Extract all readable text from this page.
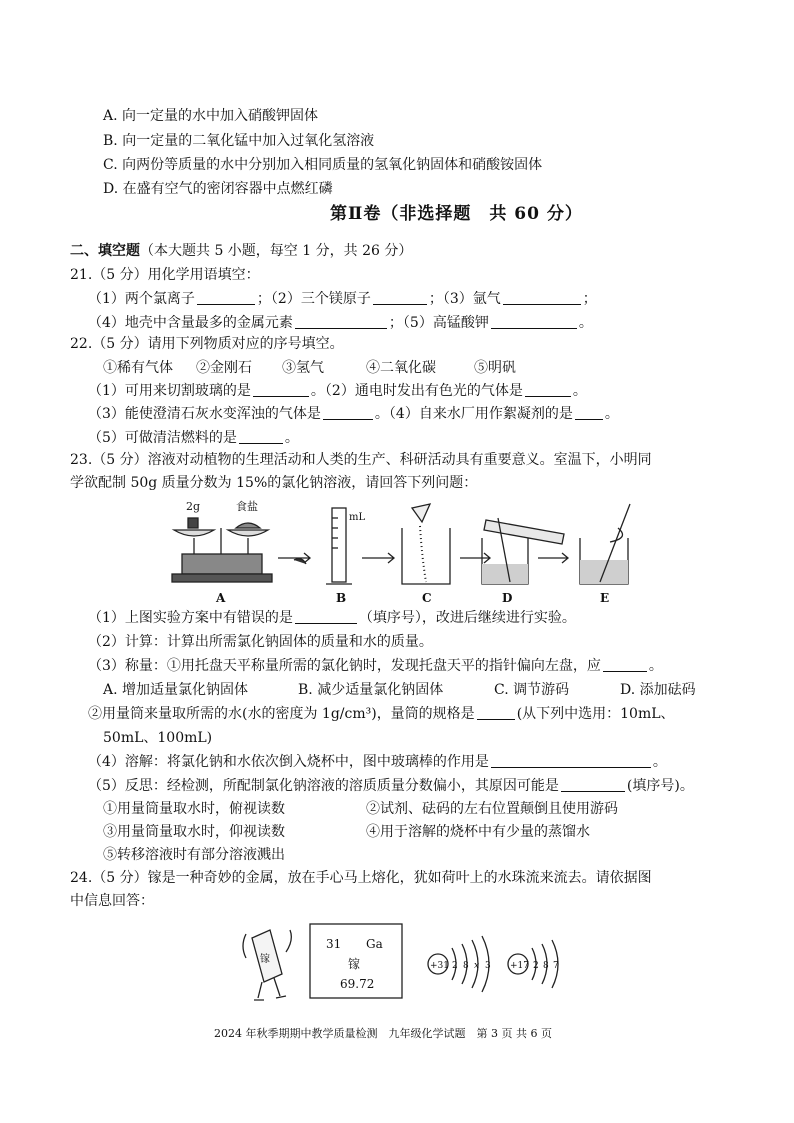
A. 向一定量的水中加入硝酸钾固体
B. 向一定量的二氧化锰中加入过氧化氢溶液
C. 向两份等质量的水中分别加入相同质量的氢氧化钠固体和硝酸铵固体
D. 在盛有空气的密闭容器中点燃红磷
第Ⅱ卷（非选择题　共 60 分）
二、填空题（本大题共 5 小题，每空 1 分，共 26 分）
21.（5 分）用化学用语填空：
（1）两个氯离子	；（2）三个镁原子	；（3）氩气	；
（4）地壳中含量最多的金属元素	；（5）高锰酸钾	。
22.（5 分）请用下列物质对应的序号填空。
①稀有气体 ②金刚石 ③氢气	④二氧化碳	⑤明矾
（1）可用来切割玻璃的是	。（2）通电时发出有色光的气体是	。
（3）能使澄清石灰水变浑浊的气体是	。（4）自来水厂用作絮凝剂的是 。
（5）可做清洁燃料的是	。
23.（5 分）溶液对动植物的生理活动和人类的生产、科研活动具有重要意义。室温下，小明同
学欲配制 50g 质量分数为 15%的氯化钠溶液，请回答下列问题：
2g	食盐
mL
A	B	C	D	E
（1）上图实验方案中有错误的是	（填序号），改进后继续进行实验。
（2）计算：计算出所需氯化钠固体的质量和水的质量。
（3）称量：①用托盘天平称量所需的氯化钠时，发现托盘天平的指针偏向左盘，应	。
A. 增加适量氯化钠固体	B. 减少适量氯化钠固体	C. 调节游码	D. 添加砝码
②用量筒来量取所需的水(水的密度为 1g/cm³)，量筒的规格是	(从下列中选用：10mL、
50mL、100mL)
（4）溶解：将氯化钠和水依次倒入烧杯中，图中玻璃棒的作用是	。
（5）反思：经检测，所配制氯化钠溶液的溶质质量分数偏小，其原因可能是	(填序号)。
①用量筒量取水时，俯视读数	②试剂、砝码的左右位置颠倒且使用游码
③用量筒量取水时，仰视读数	④用于溶解的烧杯中有少量的蒸馏水
⑤转移溶液时有部分溶液溅出
24.（5 分）镓是一种奇妙的金属，放在手心马上熔化，犹如荷叶上的水珠流来流去。请依据图
中信息回答：
镓
31 Ga
镓
69.72
+31 2 8 x 3 +17 2 8 7
2024 年秋季期期中教学质量检测　九年级化学试题　第 3 页 共 6 页
